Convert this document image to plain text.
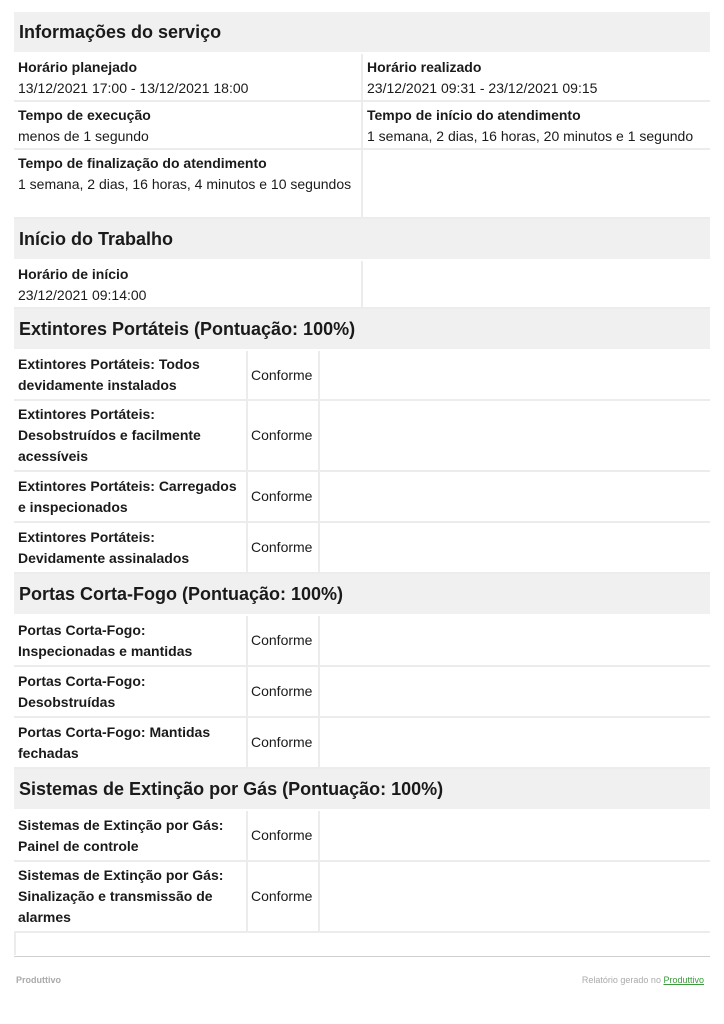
Informações do serviço
Horário planejado
13/12/2021 17:00 - 13/12/2021 18:00
Horário realizado
23/12/2021 09:31 - 23/12/2021 09:15
Tempo de execução
menos de 1 segundo
Tempo de início do atendimento
1 semana, 2 dias, 16 horas, 20 minutos e 1 segundo
Tempo de finalização do atendimento
1 semana, 2 dias, 16 horas, 4 minutos e 10 segundos
Início do Trabalho
Horário de início
23/12/2021 09:14:00
Extintores Portáteis (Pontuação: 100%)
Extintores Portáteis: Todos devidamente instalados
Conforme
Extintores Portáteis: Desobstruídos e facilmente acessíveis
Conforme
Extintores Portáteis: Carregados e inspecionados
Conforme
Extintores Portáteis: Devidamente assinalados
Conforme
Portas Corta-Fogo (Pontuação: 100%)
Portas Corta-Fogo: Inspecionadas e mantidas
Conforme
Portas Corta-Fogo: Desobstruídas
Conforme
Portas Corta-Fogo: Mantidas fechadas
Conforme
Sistemas de Extinção por Gás (Pontuação: 100%)
Sistemas de Extinção por Gás: Painel de controle
Conforme
Sistemas de Extinção por Gás: Sinalização e transmissão de alarmes
Conforme
Produttivo	Relatório gerado no Produttivo
